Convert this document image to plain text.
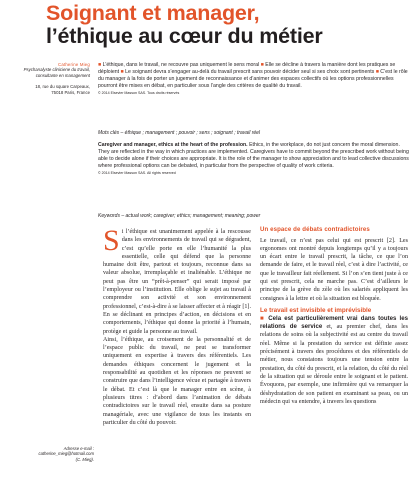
Soignant et manager,
l’éthique au cœur du métier
Catherine Mieg
Psychanalyste cliniciene du travail, consultante en management
18, rue du square Carpeaux,
75018 Paris, France
■ L’éthique, dans le travail, ne recouvre pas uniquement le sens moral ■ Elle se décline à travers la manière dont les pratiques se déploient ■ Le soignant devra s’engager au-delà du travail prescrit sans pouvoir décider seul si ses choix sont pertinents ■ C’est le rôle du manager à la fois de porter un jugement de reconnaissance et d’animer des espaces collectifs où les options professionnelles pourront être mises en débat, en particulier sous l’angle des critères de qualité du travail.
© 2014 Elsevier Masson SAS. Tous droits réservés
Mots clés – éthique ; management ; pouvoir ; sens ; soignant ; travail réel
Caregiver and manager, ethics at the heart of the profession. Ethics, in the workplace, do not just concern the moral dimension. They are reflected in the way in which practices are implemented. Caregivers have to commit beyond the prescribed work without being able to decide alone if their choices are appropriate. It is the role of the manager to show appreciation and to lead collective discussions where professional options can be debated, in particular from the perspective of quality of work criteria.
© 2014 Elsevier Masson SAS. All rights reserved
Keywords – actual work; caregiver; ethics; management; meaning; power
S i l’éthique est unanimement appelée à la rescousse dans les environnements de travail qui se dégradent, c’est qu’elle porte en elle l’humanité la plus essentielle, celle qui défend que la personne humaine doit être, partout et toujours, reconnue dans sa valeur absolue, irremplaçable et inaliénable. L’éthique ne peut pas être un “prêt-à-penser” qui serait imposé par l’employeur ou l’institution. Elle oblige le sujet au travail à comprendre son activité et son environnement professionnel, c’est-à-dire à se laisser affecter et à réagir [1]. En se déclinant en principes d’action, en décisions et en comportements, l’éthique qui donne la priorité à l’humain, protège et guide la personne au travail.

Ainsi, l’éthique, au croisement de la personnalité et de l’espace public du travail, ne peut se transformer uniquement en expertise à travers des référentiels. Les demandes éthiques concernent le jugement et la responsabilité au quotidien et les réponses ne peuvent se construire que dans l’intelligence vécue et partagée à travers le débat. Et c’est là que le manager entre en scène, à plusieurs titres : d’abord dans l’animation de débats contradictoires sur le travail réel, ensuite dans sa posture managériale, avec une vigilance de tous les instants en particulier du côté du pouvoir.

Un espace de débats contradictoires

Le travail, ce n’est pas celui qui est prescrit [2]. Les ergonomes ont montré depuis longtemps qu’il y a toujours un écart entre le travail prescrit, la tâche, ce que l’on demande de faire, et le travail réel, c’est à dire l’activité, ce que le travailleur fait réellement. Si l’on s’en tient juste à ce qui est prescrit, cela ne marche pas. C’est d’ailleurs le principe de la grève du zèle où les salariés appliquent les consignes à la lettre et où la situation est bloquée.

Le travail est invisible et imprévisible

■ Cela est particulièrement vrai dans toutes les relations de service et, au premier chef, dans les relations de soins où la subjectivité est au centre du travail réel. Même si la prestation du service est définie assez précisément à travers des procédures et des référentiels de métier, nous constatons toujours une tension entre la prestation, du côté du prescrit, et la relation, du côté du réel de la situation qui se déroule entre le soignant et le patient. Évoquons, par exemple, une infirmière qui va remarquer la déshydratation de son patient en examinant sa peau, ou un médecin qui va entendre, à travers les questions

Adresse e-mail :
catherine_mieg@hotmail.com
(C. Mieg).
